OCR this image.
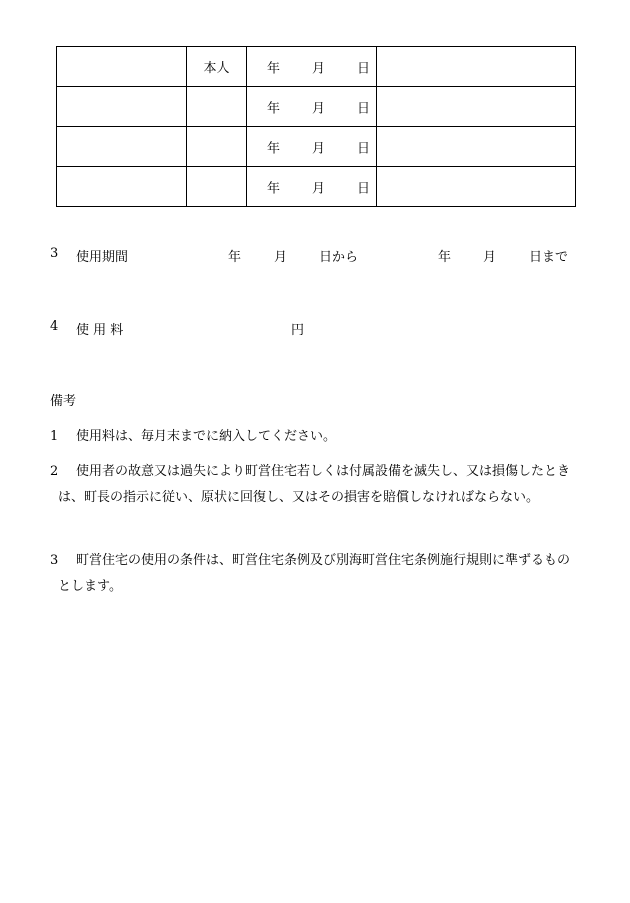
	本人	年 月 日	

		年 月 日	

		年 月 日	

		年 月 日	

3 使用期間	年	月 日から	年 月	日まで
4 使 用 料	円
備考
1	使用料は、毎月末までに納入してください。
2	使用者の故意又は過失により町営住宅若しくは付属設備を滅失し、又は損傷したときは、町長の指示に従い、原状に回復し、又はその損害を賠償しなければならない。
3	町営住宅の使用の条件は、町営住宅条例及び別海町営住宅条例施行規則に準ずるものとします。
